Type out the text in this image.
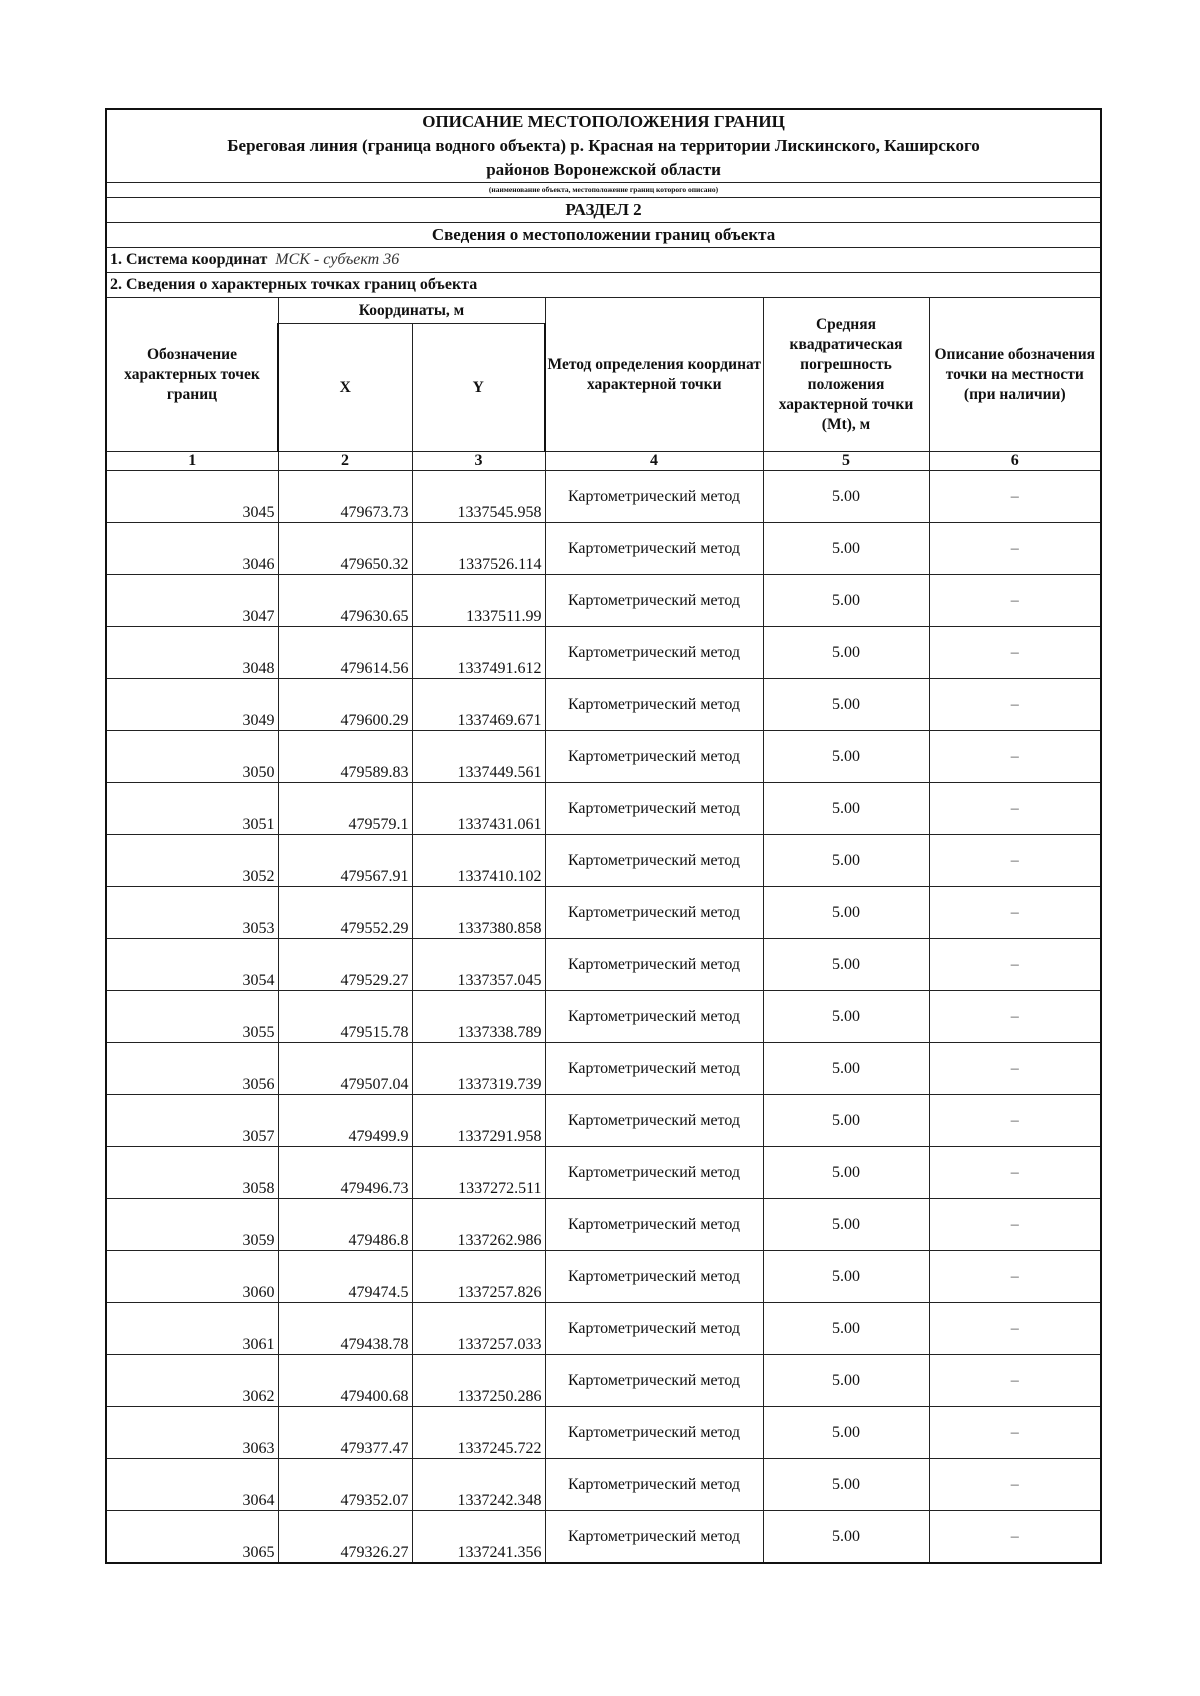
ОПИСАНИЕ МЕСТОПОЛОЖЕНИЯ ГРАНИЦ
Береговая линия (граница водного объекта) р. Красная на территории Лискинского, Каширского
районов Воронежской области					

(наименование объекта, местоположение границ которого описано)					
РАЗДЕЛ 2					
Сведения о местоположении границ объекта					
1. Система координат МСК - субъект 36					
2. Сведения о характерных точках границ объекта					
Обозначение характерных точек границ	Координаты, м		Метод определения координат характерной точки	Средняя квадратическая погрешность положения характерной точки (Mt), м	Описание обозначения точки на местности (при наличии)
	X	Y			
1	2	3	4	5	6
3045	479673.73	1337545.958	Картометрический метод	5.00	–
3046	479650.32	1337526.114	Картометрический метод	5.00	–
3047	479630.65	1337511.99	Картометрический метод	5.00	–
3048	479614.56	1337491.612	Картометрический метод	5.00	–
3049	479600.29	1337469.671	Картометрический метод	5.00	–
3050	479589.83	1337449.561	Картометрический метод	5.00	–
3051	479579.1	1337431.061	Картометрический метод	5.00	–
3052	479567.91	1337410.102	Картометрический метод	5.00	–
3053	479552.29	1337380.858	Картометрический метод	5.00	–
3054	479529.27	1337357.045	Картометрический метод	5.00	–
3055	479515.78	1337338.789	Картометрический метод	5.00	–
3056	479507.04	1337319.739	Картометрический метод	5.00	–
3057	479499.9	1337291.958	Картометрический метод	5.00	–
3058	479496.73	1337272.511	Картометрический метод	5.00	–
3059	479486.8	1337262.986	Картометрический метод	5.00	–
3060	479474.5	1337257.826	Картометрический метод	5.00	–
3061	479438.78	1337257.033	Картометрический метод	5.00	–
3062	479400.68	1337250.286	Картометрический метод	5.00	–
3063	479377.47	1337245.722	Картометрический метод	5.00	–
3064	479352.07	1337242.348	Картометрический метод	5.00	–
3065	479326.27	1337241.356	Картометрический метод	5.00	–
